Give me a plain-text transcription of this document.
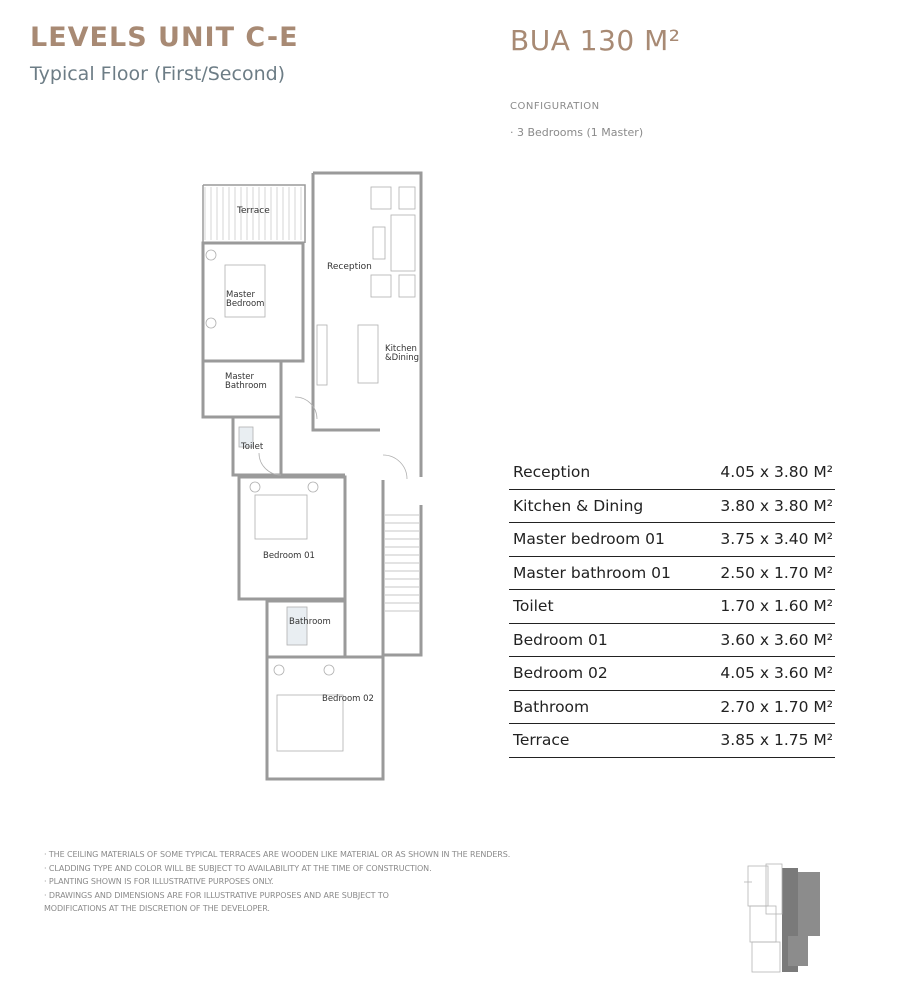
LEVELS UNIT C-E
Typical Floor (First/Second)
BUA 130 M²
CONFIGURATION
· 3 Bedrooms (1 Master)
Terrace
Reception
Master
Bedroom
Kitchen
&Dining
Master
Bathroom
Toilet
Bedroom 01
Bathroom
Bedroom 02
Reception	4.05 x 3.80 M²
Kitchen & Dining	3.80 x 3.80 M²
Master bedroom 01	3.75 x 3.40 M²
Master bathroom 01	2.50 x 1.70 M²
Toilet	1.70 x 1.60 M²
Bedroom 01	3.60 x 3.60 M²
Bedroom 02	4.05 x 3.60 M²
Bathroom	2.70 x 1.70 M²
Terrace	3.85 x 1.75 M²
· THE CEILING MATERIALS OF SOME TYPICAL TERRACES ARE WOODEN LIKE MATERIAL OR AS SHOWN IN THE RENDERS.
· CLADDING TYPE AND COLOR WILL BE SUBJECT TO AVAILABILITY AT THE TIME OF CONSTRUCTION.
· PLANTING SHOWN IS FOR ILLUSTRATIVE PURPOSES ONLY.
· DRAWINGS AND DIMENSIONS ARE FOR ILLUSTRATIVE PURPOSES AND ARE SUBJECT TO
MODIFICATIONS AT THE DISCRETION OF THE DEVELOPER.
